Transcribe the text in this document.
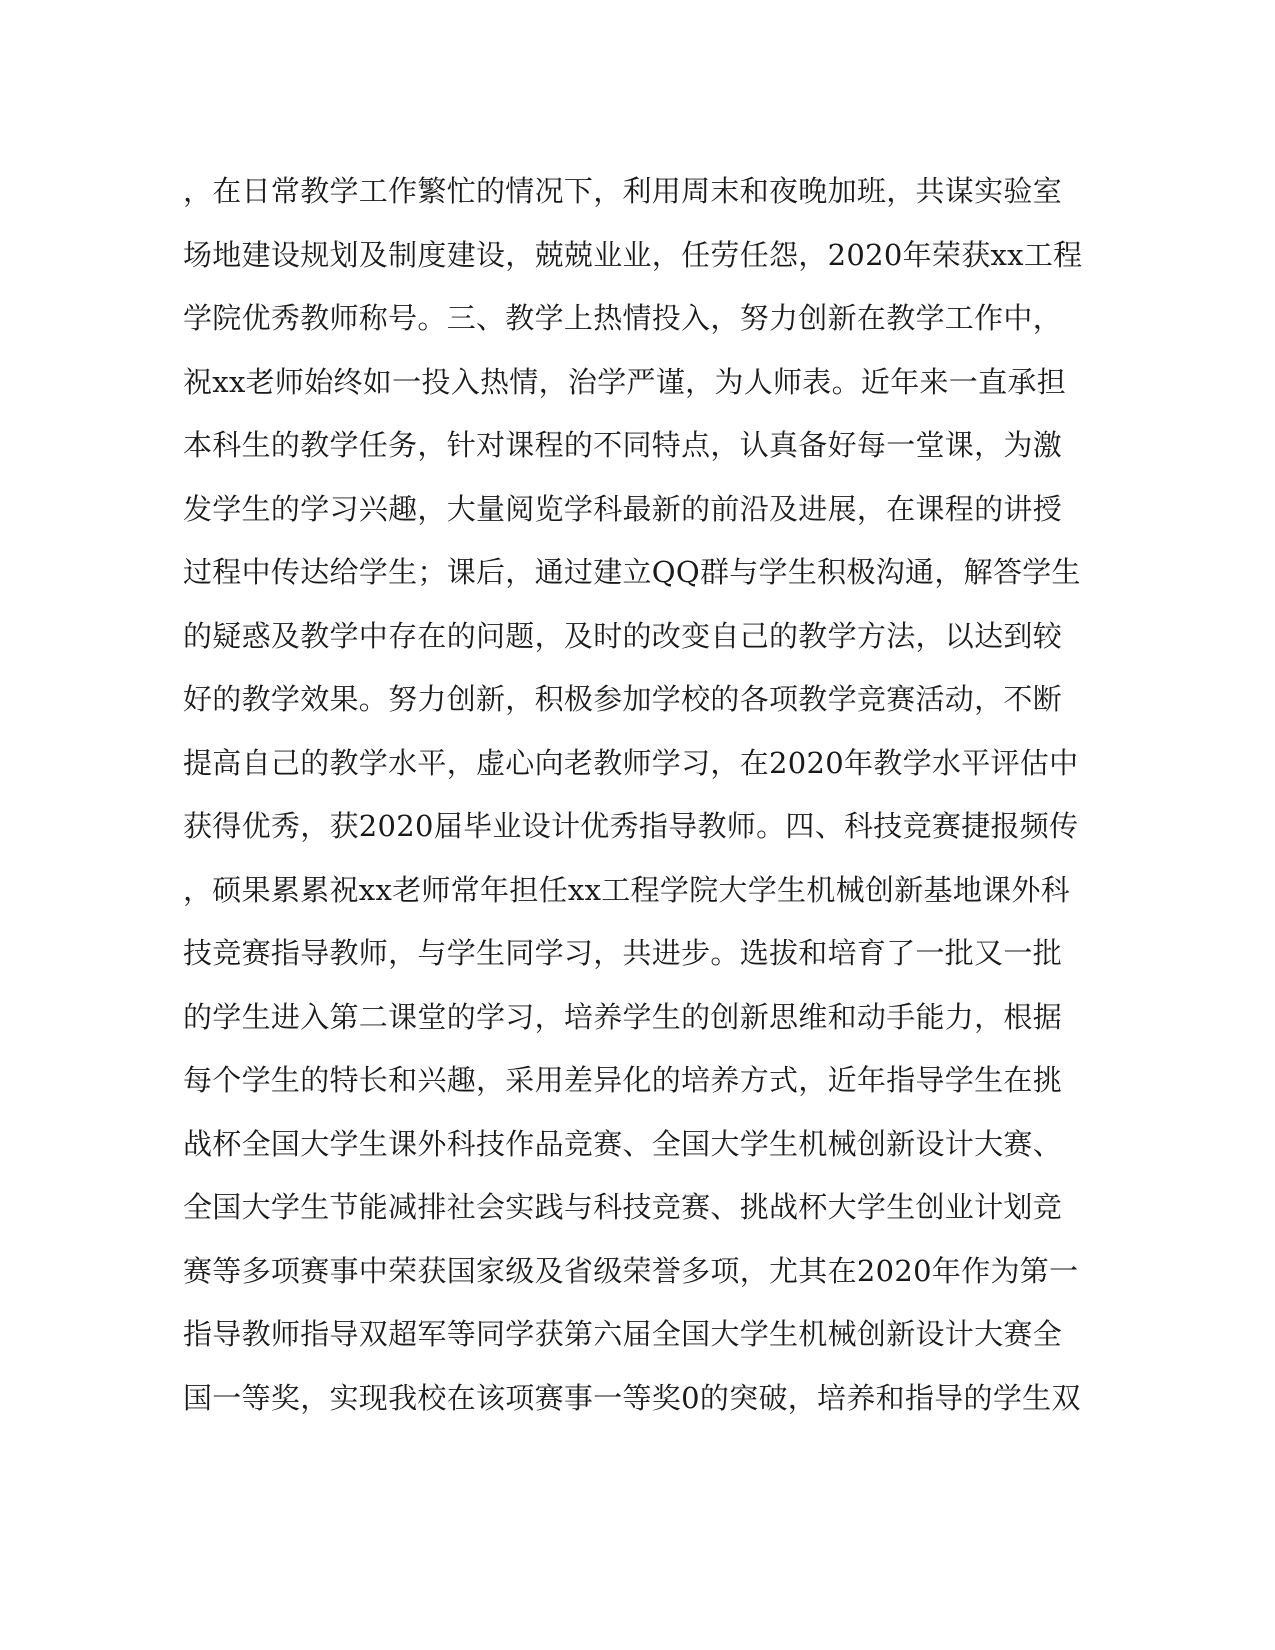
，在日常教学工作繁忙的情况下，利用周末和夜晚加班，共谋实验室
场地建设规划及制度建设，兢兢业业，任劳任怨，2020年荣获xx工程
学院优秀教师称号。三、教学上热情投入，努力创新在教学工作中，
祝xx老师始终如一投入热情，治学严谨，为人师表。近年来一直承担
本科生的教学任务，针对课程的不同特点，认真备好每一堂课，为激
发学生的学习兴趣，大量阅览学科最新的前沿及进展，在课程的讲授
过程中传达给学生；课后，通过建立QQ群与学生积极沟通，解答学生
的疑惑及教学中存在的问题，及时的改变自己的教学方法，以达到较
好的教学效果。努力创新，积极参加学校的各项教学竞赛活动，不断
提高自己的教学水平，虚心向老教师学习，在2020年教学水平评估中
获得优秀，获2020届毕业设计优秀指导教师。四、科技竞赛捷报频传
，硕果累累祝xx老师常年担任xx工程学院大学生机械创新基地课外科
技竞赛指导教师，与学生同学习，共进步。选拔和培育了一批又一批
的学生进入第二课堂的学习，培养学生的创新思维和动手能力，根据
每个学生的特长和兴趣，采用差异化的培养方式，近年指导学生在挑
战杯全国大学生课外科技作品竞赛、全国大学生机械创新设计大赛、
全国大学生节能减排社会实践与科技竞赛、挑战杯大学生创业计划竞
赛等多项赛事中荣获国家级及省级荣誉多项，尤其在2020年作为第一
指导教师指导双超军等同学获第六届全国大学生机械创新设计大赛全
国一等奖，实现我校在该项赛事一等奖0的突破，培养和指导的学生双
